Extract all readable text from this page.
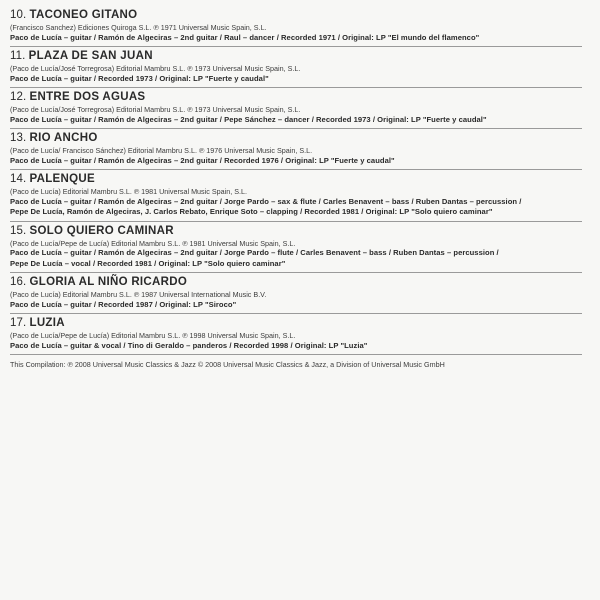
10. TACONEO GITANO
(Francisco Sanchez) Ediciones Quiroga S.L. ℗ 1971 Universal Music Spain, S.L.
Paco de Lucía – guitar / Ramón de Algeciras – 2nd guitar / Raul – dancer / Recorded 1971 / Original: LP "El mundo del flamenco"
11. PLAZA DE SAN JUAN
(Paco de Lucía/José Torregrosa) Editorial Mambru S.L. ℗ 1973 Universal Music Spain, S.L.
Paco de Lucía – guitar / Recorded 1973 / Original: LP "Fuerte y caudal"
12. ENTRE DOS AGUAS
(Paco de Lucía/José Torregrosa) Editorial Mambru S.L. ℗ 1973 Universal Music Spain, S.L.
Paco de Lucía – guitar / Ramón de Algeciras – 2nd guitar / Pepe Sánchez – dancer / Recorded 1973 / Original: LP "Fuerte y caudal"
13. RIO ANCHO
(Paco de Lucía/ Francisco Sánchez) Editorial Mambru S.L. ℗ 1976 Universal Music Spain, S.L.
Paco de Lucía – guitar / Ramón de Algeciras – 2nd guitar / Recorded 1976 / Original: LP "Fuerte y caudal"
14. PALENQUE
(Paco de Lucía) Editorial Mambru S.L. ℗ 1981 Universal Music Spain, S.L.
Paco de Lucía – guitar / Ramón de Algeciras – 2nd guitar / Jorge Pardo – sax & flute / Carles Benavent – bass / Ruben Dantas – percussion /
Pepe De Lucía, Ramón de Algeciras, J. Carlos Rebato, Enrique Soto – clapping / Recorded 1981 / Original: LP "Solo quiero caminar"
15. SOLO QUIERO CAMINAR
(Paco de Lucía/Pepe de Lucía) Editorial Mambru S.L. ℗ 1981 Universal Music Spain, S.L.
Paco de Lucía – guitar / Ramón de Algeciras – 2nd guitar / Jorge Pardo – flute / Carles Benavent – bass / Ruben Dantas – percussion /
Pepe De Lucía – vocal / Recorded 1981 / Original: LP "Solo quiero caminar"
16. GLORIA AL NIÑO RICARDO
(Paco de Lucía) Editorial Mambru S.L. ℗ 1987 Universal International Music B.V.
Paco de Lucía – guitar / Recorded 1987 / Original: LP "Siroco"
17. LUZIA
(Paco de Lucía/Pepe de Lucía) Editorial Mambru S.L. ℗ 1998 Universal Music Spain, S.L.
Paco de Lucía – guitar & vocal / Tino di Geraldo – panderos / Recorded 1998 / Original: LP "Luzia"
This Compilation: ℗ 2008 Universal Music Classics & Jazz © 2008 Universal Music Classics & Jazz, a Division of Universal Music GmbH
